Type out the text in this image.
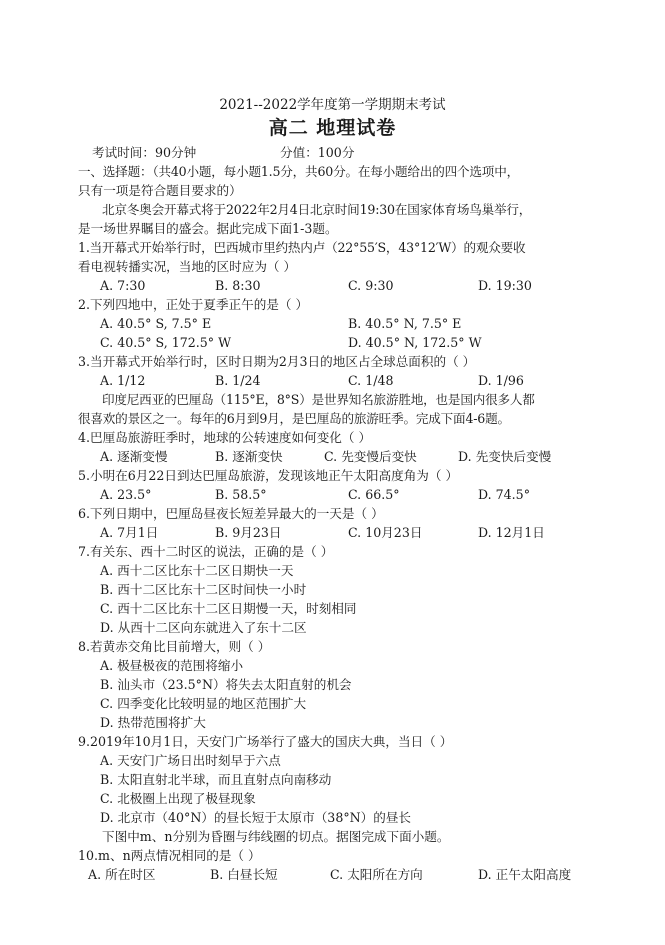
2021--2022学年度第一学期期末考试
高二 地理试卷
考试时间：90分钟	分值：100分
一、选择题：（共40小题，每小题1.5分，共60分。在每小题给出的四个选项中，
只有一项是符合题目要求的）
北京冬奥会开幕式将于2022年2月4日北京时间19:30在国家体育场鸟巢举行，
是一场世界瞩目的盛会。据此完成下面1-3题。
1.当开幕式开始举行时，巴西城市里约热内卢（22°55′S，43°12′W）的观众要收
看电视转播实况，当地的区时应为（ ）
A. 7:30	B. 8:30	C. 9:30	D. 19:30
2.下列四地中，正处于夏季正午的是（ ）
A. 40.5° S, 7.5° E	B. 40.5° N, 7.5° E
C. 40.5° S, 172.5° W	D. 40.5° N, 172.5° W
3.当开幕式开始举行时，区时日期为2月3日的地区占全球总面积的（ ）
A. 1/12	B. 1/24	C. 1/48	D. 1/96
印度尼西亚的巴厘岛（115°E，8°S）是世界知名旅游胜地，也是国内很多人都
很喜欢的景区之一。每年的6月到9月，是巴厘岛的旅游旺季。完成下面4-6题。
4.巴厘岛旅游旺季时，地球的公转速度如何变化（ ）
A. 逐渐变慢	B. 逐渐变快	C. 先变慢后变快	D. 先变快后变慢
5.小明在6月22日到达巴厘岛旅游，发现该地正午太阳高度角为（ ）
A. 23.5°	B. 58.5°	C. 66.5°	D. 74.5°
6.下列日期中，巴厘岛昼夜长短差异最大的一天是（ ）
A. 7月1日	B. 9月23日	C. 10月23日	D. 12月1日
7.有关东、西十二时区的说法，正确的是（ ）
A. 西十二区比东十二区日期快一天
B. 西十二区比东十二区时间快一小时
C. 西十二区比东十二区日期慢一天，时刻相同
D. 从西十二区向东就进入了东十二区
8.若黄赤交角比目前增大，则（ ）
A. 极昼极夜的范围将缩小
B. 汕头市（23.5°N）将失去太阳直射的机会
C. 四季变化比较明显的地区范围扩大
D. 热带范围将扩大
9.2019年10月1日，天安门广场举行了盛大的国庆大典，当日（ ）
A. 天安门广场日出时刻早于六点
B. 太阳直射北半球，而且直射点向南移动
C. 北极圈上出现了极昼现象
D. 北京市（40°N）的昼长短于太原市（38°N）的昼长
下图中m、n分别为昏圈与纬线圈的切点。据图完成下面小题。
10.m、n两点情况相同的是（ ）
A. 所在时区	B. 白昼长短	C. 太阳所在方向	D. 正午太阳高度
